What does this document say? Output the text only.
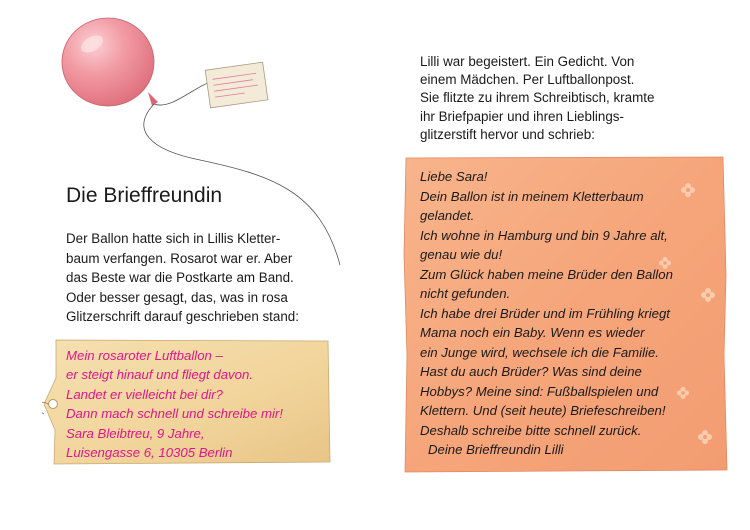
Die Brieffreundin
Der Ballon hatte sich in Lillis Kletter-
baum verfangen. Rosarot war er. Aber
das Beste war die Postkarte am Band.
Oder besser gesagt, das, was in rosa
Glitzerschrift darauf geschrieben stand:
Mein rosaroter Luftballon –
er steigt hinauf und fliegt davon.
Landet er vielleicht bei dir?
Dann mach schnell und schreibe mir!
Sara Bleibtreu, 9 Jahre,
Luisengasse 6, 10305 Berlin
Lilli war begeistert. Ein Gedicht. Von
einem Mädchen. Per Luftballonpost.
Sie flitzte zu ihrem Schreibtisch, kramte
ihr Briefpapier und ihren Lieblings-
glitzerstift hervor und schrieb:
Liebe Sara!
Dein Ballon ist in meinem Kletterbaum
gelandet.
Ich wohne in Hamburg und bin 9 Jahre alt,
genau wie du!
Zum Glück haben meine Brüder den Ballon
nicht gefunden.
Ich habe drei Brüder und im Frühling kriegt
Mama noch ein Baby. Wenn es wieder
ein Junge wird, wechsele ich die Familie.
Hast du auch Brüder? Was sind deine
Hobbys? Meine sind: Fußballspielen und
Klettern. Und (seit heute) Briefeschreiben!
Deshalb schreibe bitte schnell zurück.
Deine Brieffreundin Lilli
